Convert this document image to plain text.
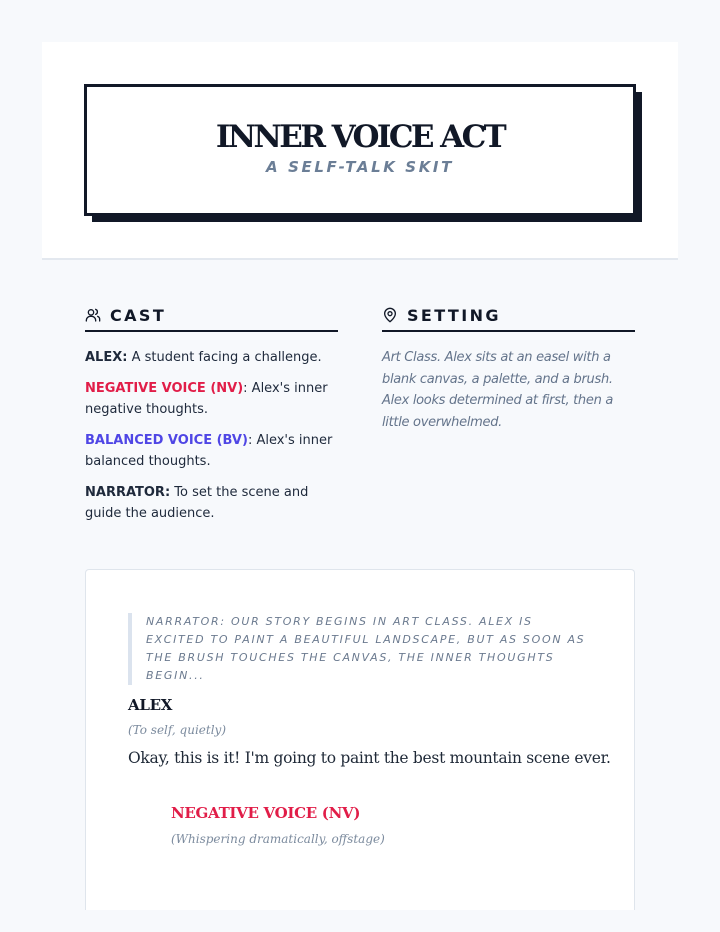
INNER VOICE ACT
A SELF-TALK SKIT
CAST
ALEX: A student facing a challenge.
NEGATIVE VOICE (NV): Alex's inner negative thoughts.
BALANCED VOICE (BV): Alex's inner balanced thoughts.
NARRATOR: To set the scene and guide the audience.
SETTING
Art Class. Alex sits at an easel with a blank canvas, a palette, and a brush. Alex looks determined at first, then a little overwhelmed.
NARRATOR: OUR STORY BEGINS IN ART CLASS. ALEX IS EXCITED TO PAINT A BEAUTIFUL LANDSCAPE, BUT AS SOON AS THE BRUSH TOUCHES THE CANVAS, THE INNER THOUGHTS BEGIN...
ALEX
(To self, quietly)
Okay, this is it! I'm going to paint the best mountain scene ever.
NEGATIVE VOICE (NV)
(Whispering dramatically, offstage)
